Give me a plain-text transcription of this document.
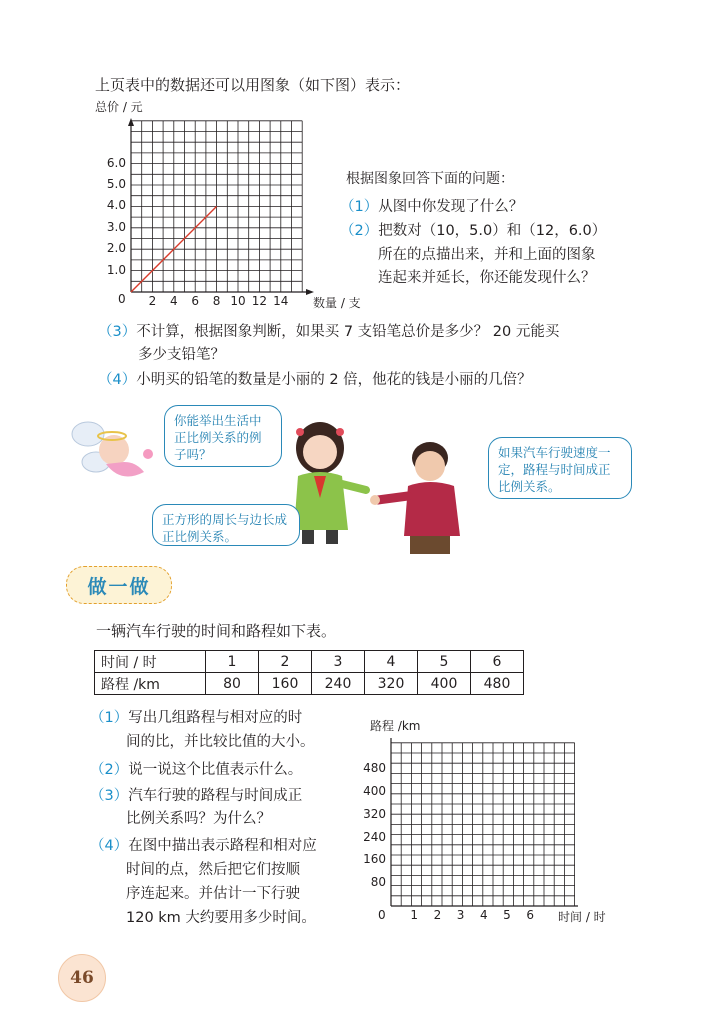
上页表中的数据还可以用图象（如下图）表示：
总价 / 元
0
6.0
5.0
4.0
3.0
2.0
1.0
2	4	6	8 10 12 14	数量 / 支
根据图象回答下面的问题：
（1）从图中你发现了什么？
（2）把数对（10，5.0）和（12，6.0）
所在的点描出来，并和上面的图象
连起来并延长，你还能发现什么？
（3）不计算，根据图象判断，如果买 7 支铅笔总价是多少？ 20 元能买
多少支铅笔？
（4）小明买的铅笔的数量是小丽的 2 倍，他花的钱是小丽的几倍？
你能举出生活中正比例关系的例子吗？
正方形的周长与边长成正比例关系。
如果汽车行驶速度一定，路程与时间成正比例关系。
做一做
一辆汽车行驶的时间和路程如下表。
时间 / 时	1	2	3	4	5	6
路程 /km	80	160	240	320	400	480
（1）写出几组路程与相对应的时
间的比，并比较比值的大小。
（2）说一说这个比值表示什么。
（3）汽车行驶的路程与时间成正
比例关系吗？为什么？
（4）在图中描出表示路程和相对应
时间的点，然后把它们按顺
序连起来。并估计一下行驶
120 km 大约要用多少时间。
路程 /km
0
480
400
320
240
160
80
1	2	3	4	5	6	时间 / 时
46
